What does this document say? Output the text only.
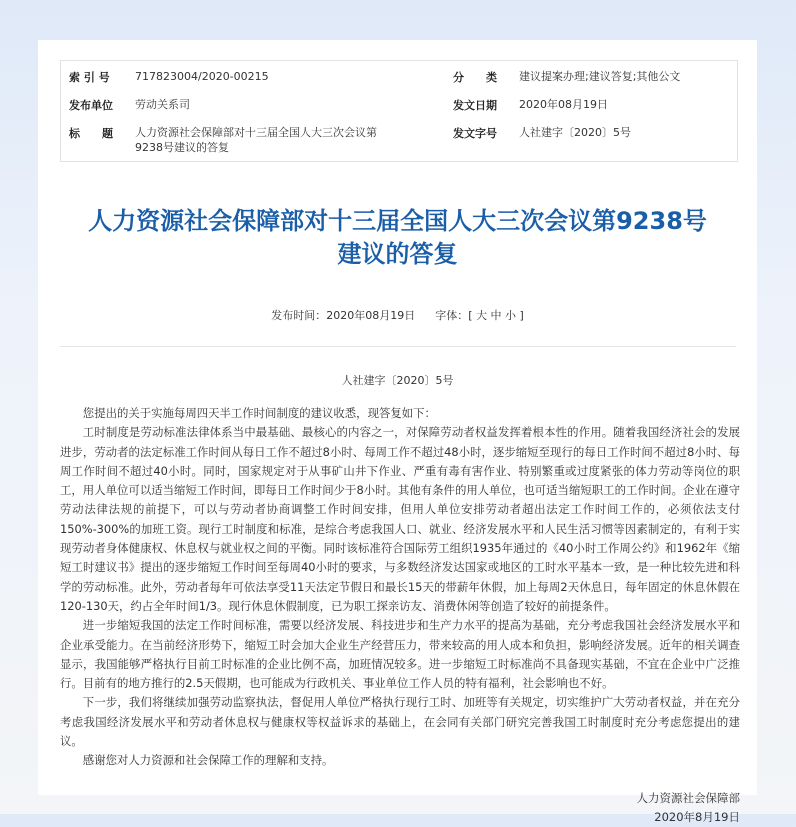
索 引 号	717823004/2020-00215	分　　类	建议提案办理;建议答复;其他公文
发布单位	劳动关系司	发文日期	2020年08月19日
标　　题	人力资源社会保障部对十三届全国人大三次会议第9238号建议的答复
发文字号	人社建字〔2020〕5号
人力资源社会保障部对十三届全国人大三次会议第9238号
建议的答复
发布时间：2020年08月19日 字体：[ 大 中 小 ]
人社建字〔2020〕5号

您提出的关于实施每周四天半工作时间制度的建议收悉，现答复如下：

工时制度是劳动标准法律体系当中最基础、最核心的内容之一，对保障劳动者权益发挥着根本性的作用。随着我国经济社会的发展进步，劳动者的法定标准工作时间从每日工作不超过8小时、每周工作不超过48小时，逐步缩短至现行的每日工作时间不超过8小时、每周工作时间不超过40小时。同时，国家规定对于从事矿山井下作业、严重有毒有害作业、特别繁重或过度紧张的体力劳动等岗位的职工，用人单位可以适当缩短工作时间，即每日工作时间少于8小时。其他有条件的用人单位，也可适当缩短职工的工作时间。企业在遵守劳动法律法规的前提下，可以与劳动者协商调整工作时间安排，但用人单位安排劳动者超出法定工作时间工作的，必须依法支付150%-300%的加班工资。现行工时制度和标准，是综合考虑我国人口、就业、经济发展水平和人民生活习惯等因素制定的，有利于实现劳动者身体健康权、休息权与就业权之间的平衡。同时该标准符合国际劳工组织1935年通过的《40小时工作周公约》和1962年《缩短工时建议书》提出的逐步缩短工作时间至每周40小时的要求，与多数经济发达国家或地区的工时水平基本一致，是一种比较先进和科学的劳动标准。此外，劳动者每年可依法享受11天法定节假日和最长15天的带薪年休假，加上每周2天休息日，每年固定的休息休假在120-130天，约占全年时间1/3。现行休息休假制度，已为职工探亲访友、消费休闲等创造了较好的前提条件。

进一步缩短我国的法定工作时间标准，需要以经济发展、科技进步和生产力水平的提高为基础，充分考虑我国社会经济发展水平和企业承受能力。在当前经济形势下，缩短工时会加大企业生产经营压力，带来较高的用人成本和负担，影响经济发展。近年的相关调查显示，我国能够严格执行目前工时标准的企业比例不高，加班情况较多。进一步缩短工时标准尚不具备现实基础，不宜在企业中广泛推行。目前有的地方推行的2.5天假期，也可能成为行政机关、事业单位工作人员的特有福利，社会影响也不好。

下一步，我们将继续加强劳动监察执法，督促用人单位严格执行现行工时、加班等有关规定，切实维护广大劳动者权益，并在充分考虑我国经济发展水平和劳动者休息权与健康权等权益诉求的基础上，在会同有关部门研究完善我国工时制度时充分考虑您提出的建议。

感谢您对人力资源和社会保障工作的理解和支持。

人力资源社会保障部
2020年8月19日
